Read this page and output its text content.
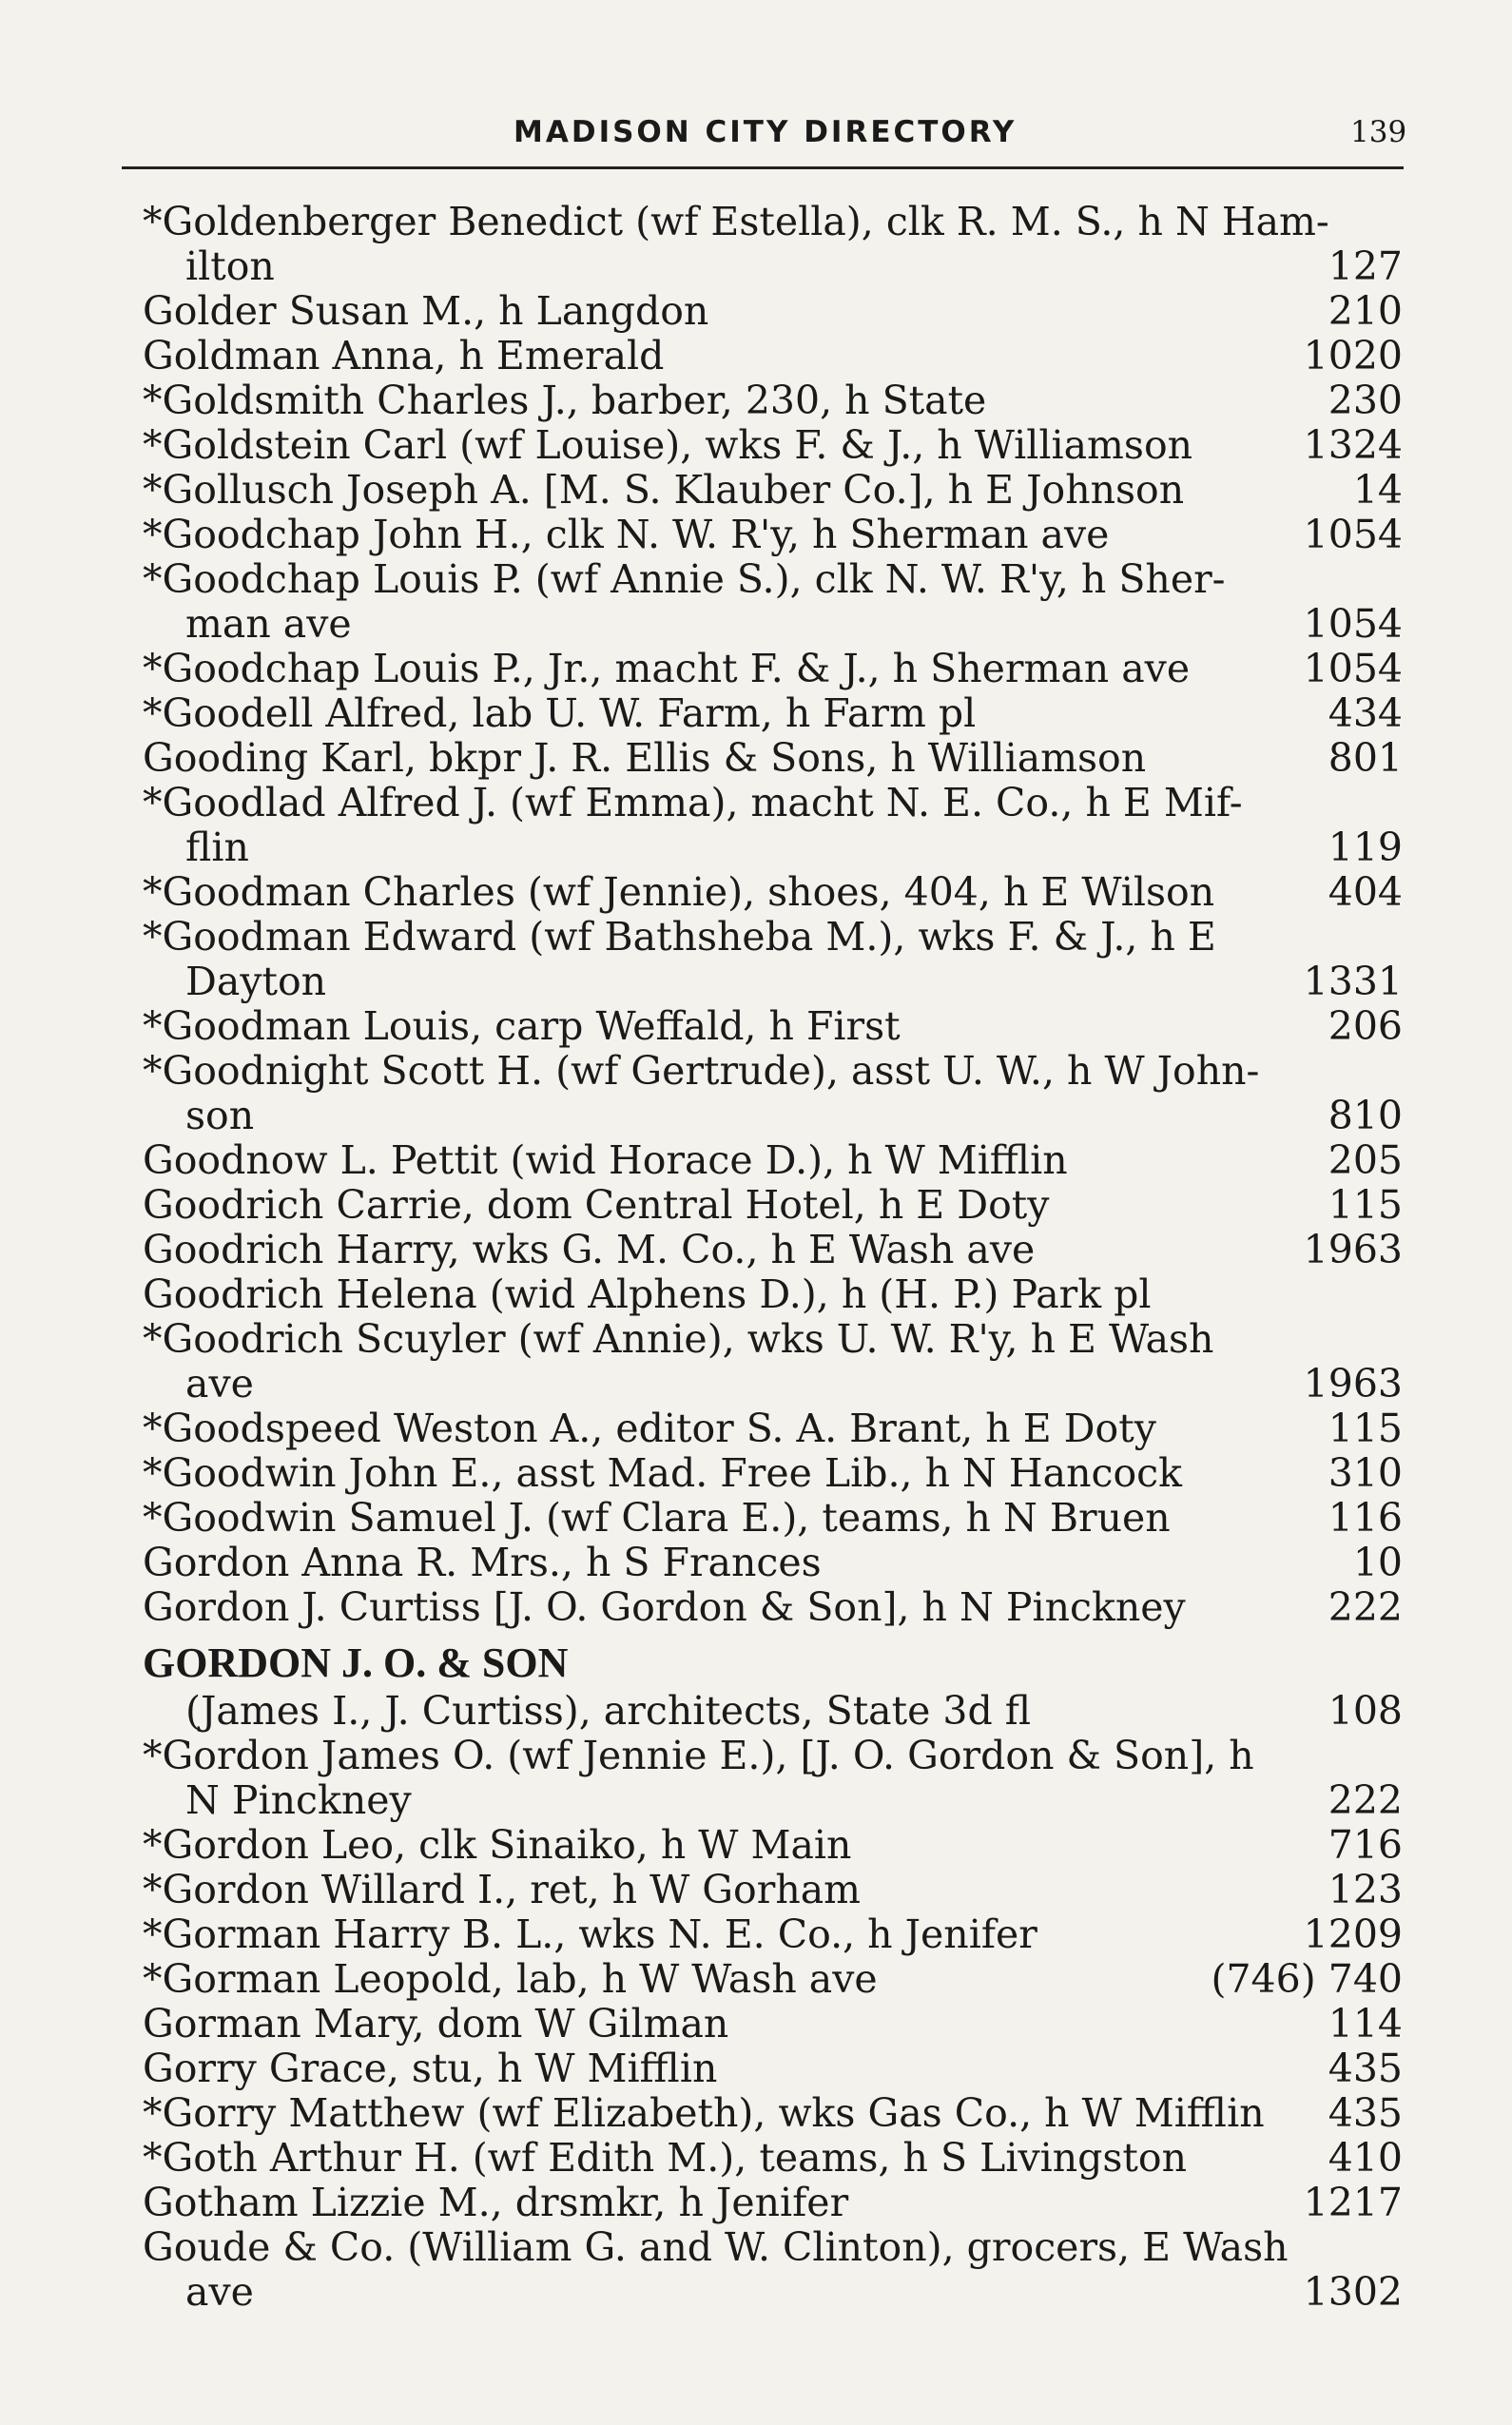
MADISON CITY DIRECTORY	139
*Goldenberger Benedict (wf Estella), clk R. M. S., h N Ham-
ilton	127
Golder Susan M., h Langdon	210
Goldman Anna, h Emerald	1020
*Goldsmith Charles J., barber, 230, h State	230
*Goldstein Carl (wf Louise), wks F. & J., h Williamson	1324
*Gollusch Joseph A. [M. S. Klauber Co.], h E Johnson	14
*Goodchap John H., clk N. W. R'y, h Sherman ave	1054
*Goodchap Louis P. (wf Annie S.), clk N. W. R'y, h Sher-
man ave	1054
*Goodchap Louis P., Jr., macht F. & J., h Sherman ave	1054
*Goodell Alfred, lab U. W. Farm, h Farm pl	434
Gooding Karl, bkpr J. R. Ellis & Sons, h Williamson	801
*Goodlad Alfred J. (wf Emma), macht N. E. Co., h E Mif-
flin	119
*Goodman Charles (wf Jennie), shoes, 404, h E Wilson	404
*Goodman Edward (wf Bathsheba M.), wks F. & J., h E
Dayton	1331
*Goodman Louis, carp Weffald, h First	206
*Goodnight Scott H. (wf Gertrude), asst U. W., h W John-
son	810
Goodnow L. Pettit (wid Horace D.), h W Mifflin	205
Goodrich Carrie, dom Central Hotel, h E Doty	115
Goodrich Harry, wks G. M. Co., h E Wash ave	1963
Goodrich Helena (wid Alphens D.), h (H. P.) Park pl
*Goodrich Scuyler (wf Annie), wks U. W. R'y, h E Wash
ave	1963
*Goodspeed Weston A., editor S. A. Brant, h E Doty	115
*Goodwin John E., asst Mad. Free Lib., h N Hancock	310
*Goodwin Samuel J. (wf Clara E.), teams, h N Bruen	116
Gordon Anna R. Mrs., h S Frances	10
Gordon J. Curtiss [J. O. Gordon & Son], h N Pinckney	222
GORDON J. O. & SON
(James I., J. Curtiss), architects, State 3d fl	108
*Gordon James O. (wf Jennie E.), [J. O. Gordon & Son], h
N Pinckney	222
*Gordon Leo, clk Sinaiko, h W Main	716
*Gordon Willard I., ret, h W Gorham	123
*Gorman Harry B. L., wks N. E. Co., h Jenifer	1209
*Gorman Leopold, lab, h W Wash ave	(746) 740
Gorman Mary, dom W Gilman	114
Gorry Grace, stu, h W Mifflin	435
*Gorry Matthew (wf Elizabeth), wks Gas Co., h W Mifflin 435
*Goth Arthur H. (wf Edith M.), teams, h S Livingston	410
Gotham Lizzie M., drsmkr, h Jenifer	1217
Goude & Co. (William G. and W. Clinton), grocers, E Wash
ave	1302
